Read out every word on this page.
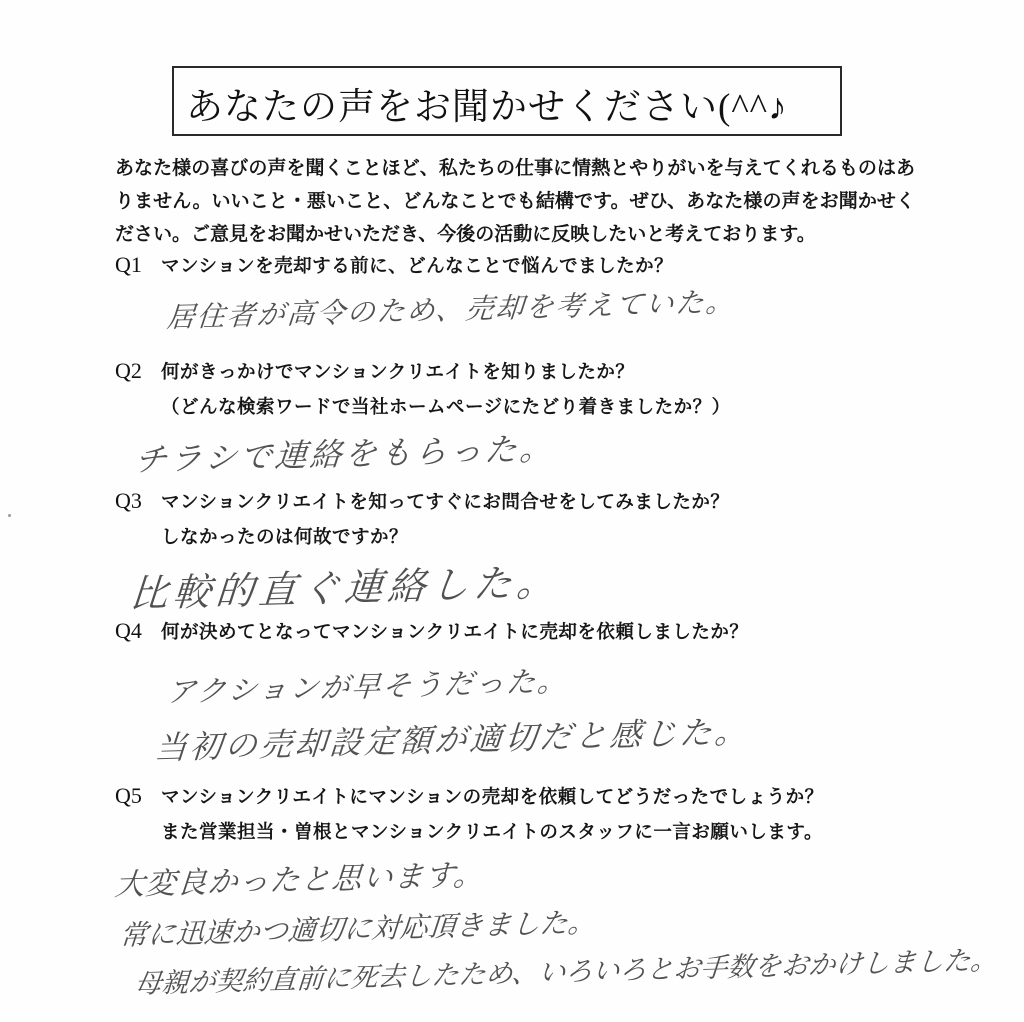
あなたの声をお聞かせください(^^♪

あなた様の喜びの声を聞くことほど、私たちの仕事に情熱とやりがいを与えてくれるものはありません。いいこと・悪いこと、どんなことでも結構です。ぜひ、あなた様の声をお聞かせください。ご意見をお聞かせいただき、今後の活動に反映したいと考えております。

Q1	マンションを売却する前に、どんなことで悩んでましたか？
居住者が高令のため、売却を考えていた。
Q2	何がきっかけでマンションクリエイトを知りましたか？
（どんな検索ワードで当社ホームページにたどり着きましたか？）
チラシで連絡をもらった。
Q3	マンションクリエイトを知ってすぐにお問合せをしてみましたか？
しなかったのは何故ですか？
比較的直ぐ連絡した。
Q4	何が決めてとなってマンションクリエイトに売却を依頼しましたか？
アクションが早そうだった。
当初の売却設定額が適切だと感じた。
Q5	マンションクリエイトにマンションの売却を依頼してどうだったでしょうか？
また営業担当・曽根とマンションクリエイトのスタッフに一言お願いします。
大変良かったと思います。
常に迅速かつ適切に対応頂きました。
母親が契約直前に死去したため、いろいろとお手数をおかけしました。
